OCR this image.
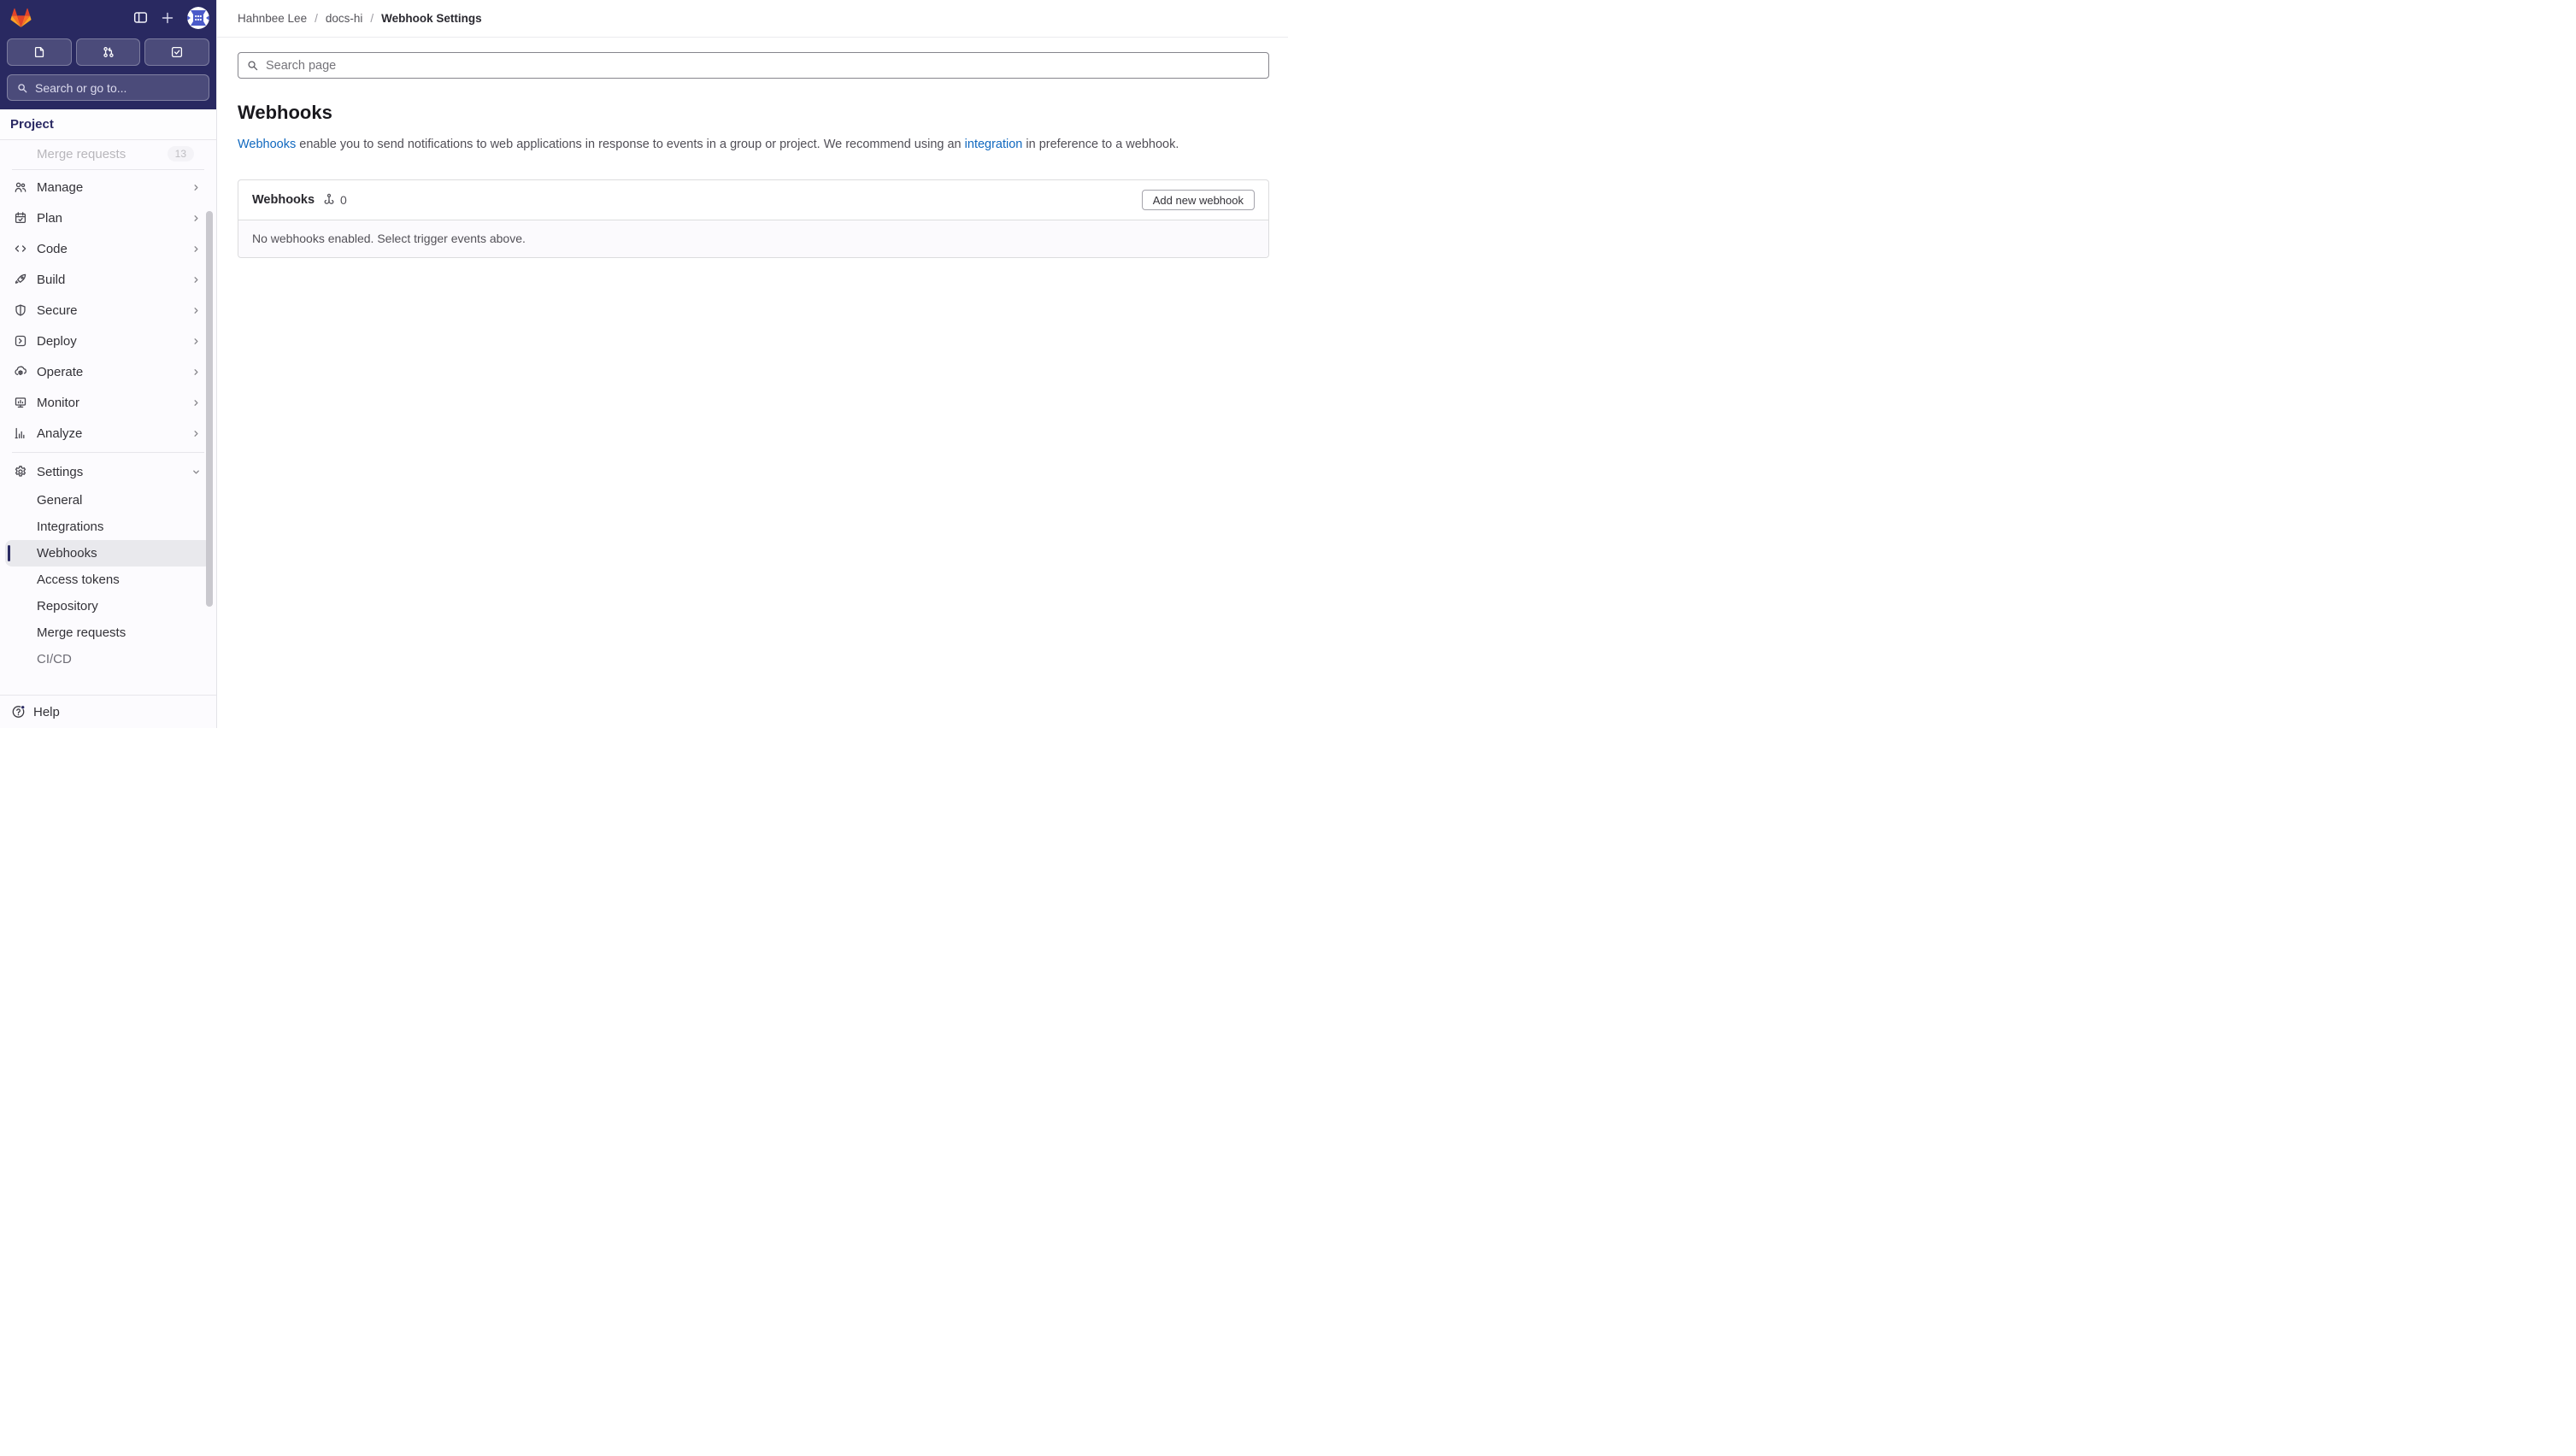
Search or go to...
Project
Merge requests	13
Manage
Plan
Code
Build
Secure
Deploy
Operate
Monitor
Analyze
Settings
General
Integrations
Webhooks
Access tokens
Repository
Merge requests
CI/CD
Help
Hahnbee Lee / docs-hi / Webhook Settings
Search page
Webhooks

Webhooks enable you to send notifications to web applications in response to events in a group or project. We recommend using an integration in preference to a webhook.

Webhooks 0	Add new webhook
No webhooks enabled. Select trigger events above.
